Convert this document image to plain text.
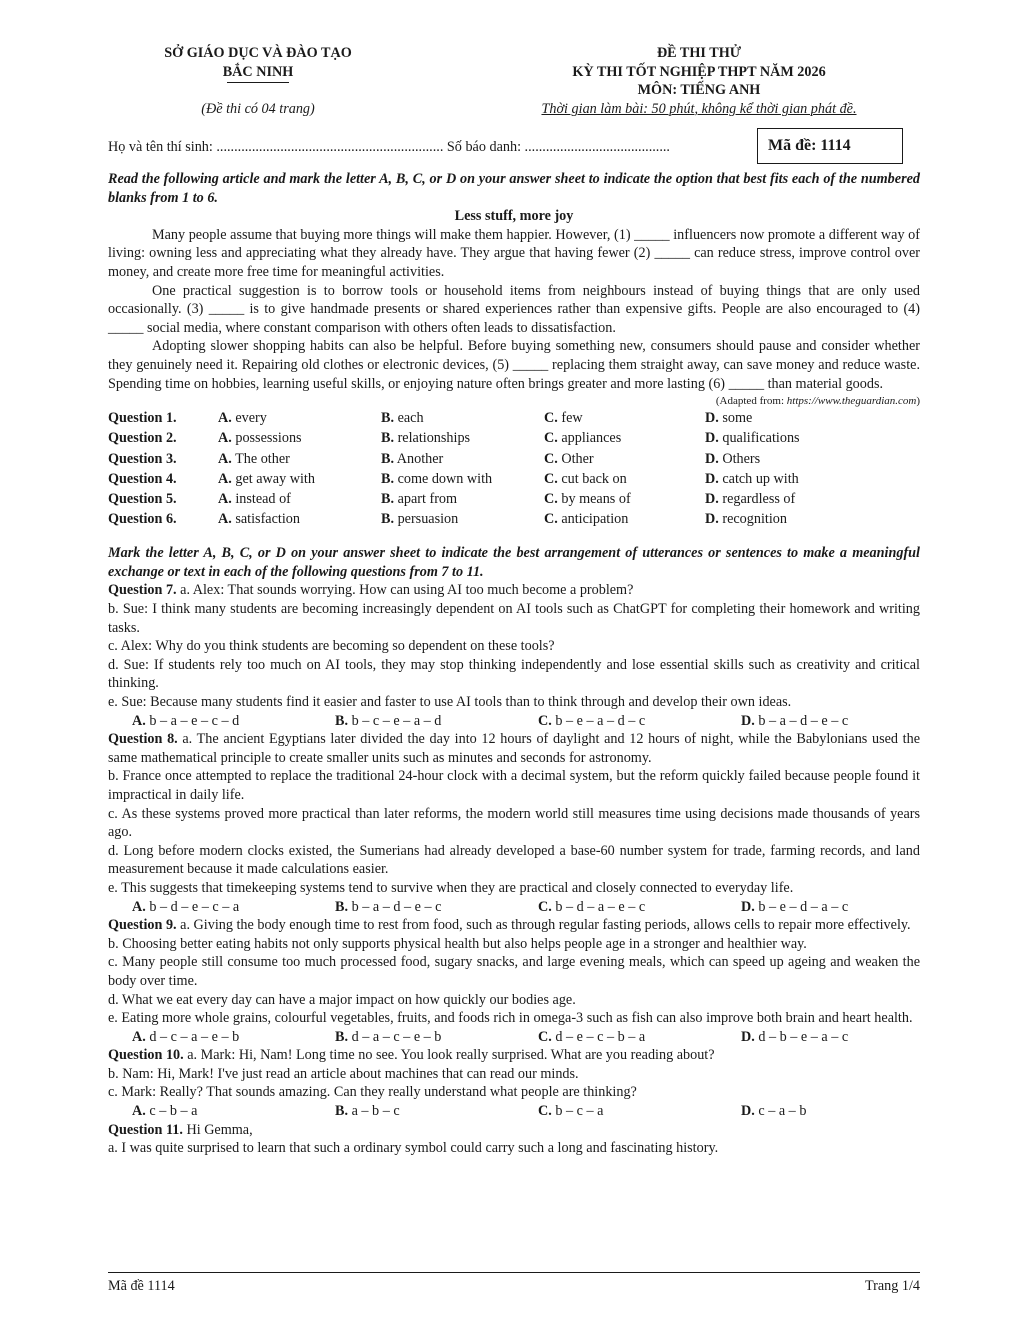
SỞ GIÁO DỤC VÀ ĐÀO TẠO
BẮC NINH
ĐỀ THI THỬ
KỲ THI TỐT NGHIỆP THPT NĂM 2026
MÔN: TIẾNG ANH
(Đề thi có 04 trang)	Thời gian làm bài: 50 phút, không kể thời gian phát đề.
Họ và tên thí sinh: ................................................................ Số báo danh: .........................................	Mã đề: 1114

Read the following article and mark the letter A, B, C, or D on your answer sheet to indicate the option that best fits each of the numbered blanks from 1 to 6.

Less stuff, more joy

Many people assume that buying more things will make them happier. However, (1) _____ influencers now promote a different way of living: owning less and appreciating what they already have. They argue that having fewer (2) _____ can reduce stress, improve control over money, and create more free time for meaningful activities.

One practical suggestion is to borrow tools or household items from neighbours instead of buying things that are only used occasionally. (3) _____ is to give handmade presents or shared experiences rather than expensive gifts. People are also encouraged to (4) _____ social media, where constant comparison with others often leads to dissatisfaction.

Adopting slower shopping habits can also be helpful. Before buying something new, consumers should pause and consider whether they genuinely need it. Repairing old clothes or electronic devices, (5) _____ replacing them straight away, can save money and reduce waste. Spending time on hobbies, learning useful skills, or enjoying nature often brings greater and more lasting (6) _____ than material goods.

(Adapted from: https://www.theguardian.com)
Question 1.	A. every	B. each	C. few	D. some
Question 2.	A. possessions	B. relationships	C. appliances	D. qualifications
Question 3.	A. The other	B. Another	C. Other	D. Others
Question 4.	A. get away with	B. come down with	C. cut back on	D. catch up with
Question 5.	A. instead of	B. apart from	C. by means of	D. regardless of
Question 6.	A. satisfaction	B. persuasion	C. anticipation	D. recognition

Mark the letter A, B, C, or D on your answer sheet to indicate the best arrangement of utterances or sentences to make a meaningful exchange or text in each of the following questions from 7 to 11.

Question 7. a. Alex: That sounds worrying. How can using AI too much become a problem?

b. Sue: I think many students are becoming increasingly dependent on AI tools such as ChatGPT for completing their homework and writing tasks.

c. Alex: Why do you think students are becoming so dependent on these tools?

d. Sue: If students rely too much on AI tools, they may stop thinking independently and lose essential skills such as creativity and critical thinking.

e. Sue: Because many students find it easier and faster to use AI tools than to think through and develop their own ideas.

A. b – a – e – c – d	B. b – c – e – a – d	C. b – e – a – d – c	D. b – a – d – e – c

Question 8. a. The ancient Egyptians later divided the day into 12 hours of daylight and 12 hours of night, while the Babylonians used the same mathematical principle to create smaller units such as minutes and seconds for astronomy.

b. France once attempted to replace the traditional 24-hour clock with a decimal system, but the reform quickly failed because people found it impractical in daily life.

c. As these systems proved more practical than later reforms, the modern world still measures time using decisions made thousands of years ago.

d. Long before modern clocks existed, the Sumerians had already developed a base-60 number system for trade, farming records, and land measurement because it made calculations easier.

e. This suggests that timekeeping systems tend to survive when they are practical and closely connected to everyday life.

A. b – d – e – c – a	B. b – a – d – e – c	C. b – d – a – e – c	D. b – e – d – a – c

Question 9. a. Giving the body enough time to rest from food, such as through regular fasting periods, allows cells to repair more effectively.

b. Choosing better eating habits not only supports physical health but also helps people age in a stronger and healthier way.

c. Many people still consume too much processed food, sugary snacks, and large evening meals, which can speed up ageing and weaken the body over time.

d. What we eat every day can have a major impact on how quickly our bodies age.

e. Eating more whole grains, colourful vegetables, fruits, and foods rich in omega-3 such as fish can also improve both brain and heart health.

A. d – c – a – e – b	B. d – a – c – e – b	C. d – e – c – b – a	D. d – b – e – a – c

Question 10. a. Mark: Hi, Nam! Long time no see. You look really surprised. What are you reading about?

b. Nam: Hi, Mark! I've just read an article about machines that can read our minds.

c. Mark: Really? That sounds amazing. Can they really understand what people are thinking?

A. c – b – a	B. a – b – c	C. b – c – a	D. c – a – b

Question 11. Hi Gemma,

a. I was quite surprised to learn that such a ordinary symbol could carry such a long and fascinating history.

Mã đề 1114	Trang 1/4
